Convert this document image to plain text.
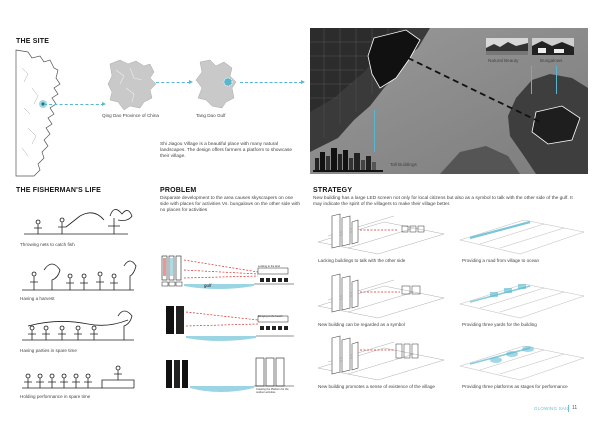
THE SITE
Qing Dao Province of China	Tang Dao Gulf
Shi Jiagou Village is a beautiful place with many natural landscapes. The design offers farmers a platform to showcase their village.
Natural Beauty	Bungalows
Tall Buildings
THE FISHERMAN'S LIFE
Throwing nets to catch fish
Having a harvest
Having parties in spare time
Holding performance in spare time
PROBLEM
Disparate development to the area causes skyscrapers on one side with places for activities Vs. bungalows on the other side with no places for activities
gulf
Looking to the land
Bringing to the beach
Creating the Platform for the outdoor activities
STRATEGY
New building has a large LED screen not only for local citizens but also as a symbol to talk with the other side of the gulf. It may indicate the spirit of the villagers to make their village better.
Lacking buildings to talk with the other side
New building can be regarded as a symbol
New building promotes a sense of existence of the village
Providing a road from village to ocean
Providing three yards for the building
Providing three platforms as stages for performance
GLOWING SAIL 11
